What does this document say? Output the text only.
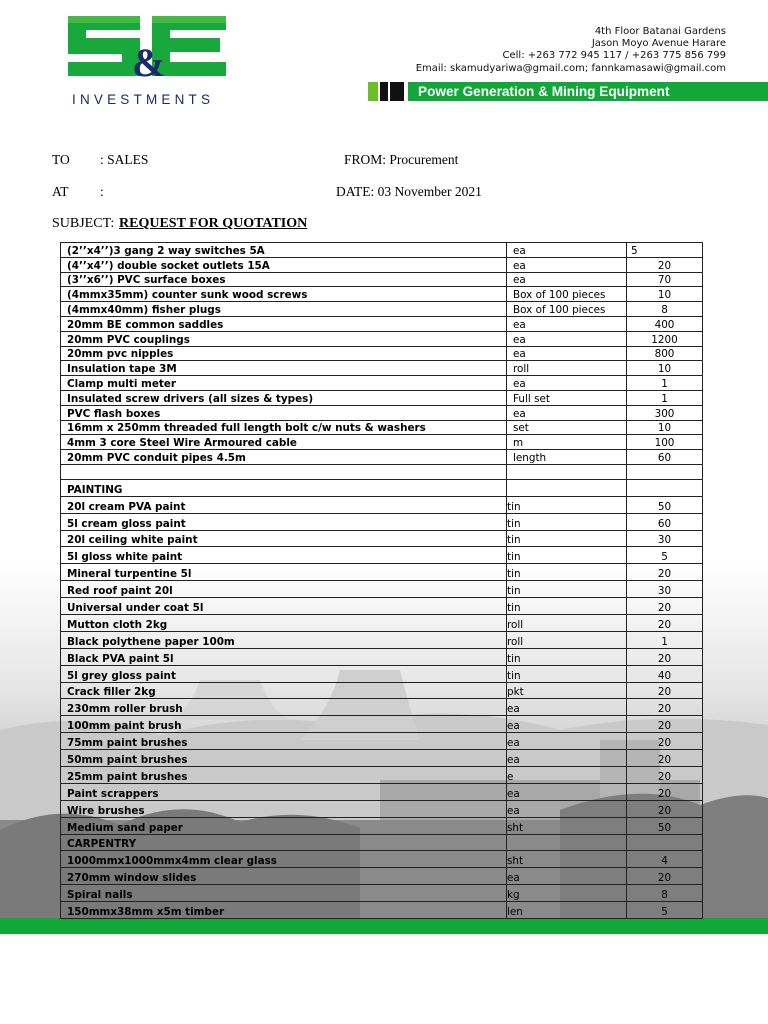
&
INVESTMENTS
4th Floor Batanai Gardens
Jason Moyo Avenue Harare
Cell: +263 772 945 117 / +263 775 856 799
Email: skamudyariwa@gmail.com; fannkamasawi@gmail.com
Power Generation & Mining Equipment
TO : SALES	FROM: Procurement
AT :	DATE: 03 November 2021
SUBJECT: REQUEST FOR QUOTATION
(2’’x4’’)3 gang 2 way switches 5A	ea	5
(4’’x4’’) double socket outlets 15A	ea	20
(3’’x6’’) PVC surface boxes	ea	70
(4mmx35mm) counter sunk wood screws	Box of 100 pieces	10
(4mmx40mm) fisher plugs	Box of 100 pieces	8
20mm BE common saddles	ea	400
20mm PVC couplings	ea	1200
20mm pvc nipples	ea	800
Insulation tape 3M	roll	10
Clamp multi meter	ea	1
Insulated screw drivers (all sizes & types)	Full set	1
PVC flash boxes	ea	300
16mm x 250mm threaded full length bolt c/w nuts & washers	set	10
4mm 3 core Steel Wire Armoured cable	m	100
20mm PVC conduit pipes 4.5m	length	60

PAINTING		
20l cream PVA paint	tin	50
5l cream gloss paint	tin	60
20l ceiling white paint	tin	30
5l gloss white paint	tin	5
Mineral turpentine 5l	tin	20
Red roof paint 20l	tin	30
Universal under coat 5l	tin	20
Mutton cloth 2kg	roll	20
Black polythene paper 100m	roll	1
Black PVA paint 5l	tin	20
5l grey gloss paint	tin	40
Crack filler 2kg	pkt	20
230mm roller brush	ea	20
100mm paint brush	ea	20
75mm paint brushes	ea	20
50mm paint brushes	ea	20
25mm paint brushes	e	20
Paint scrappers	ea	20
Wire brushes	ea	20
Medium sand paper	sht	50
CARPENTRY		
1000mmx1000mmx4mm clear glass	sht	4
270mm window slides	ea	20
Spiral nails	kg	8
150mmx38mm x5m timber	len	5
